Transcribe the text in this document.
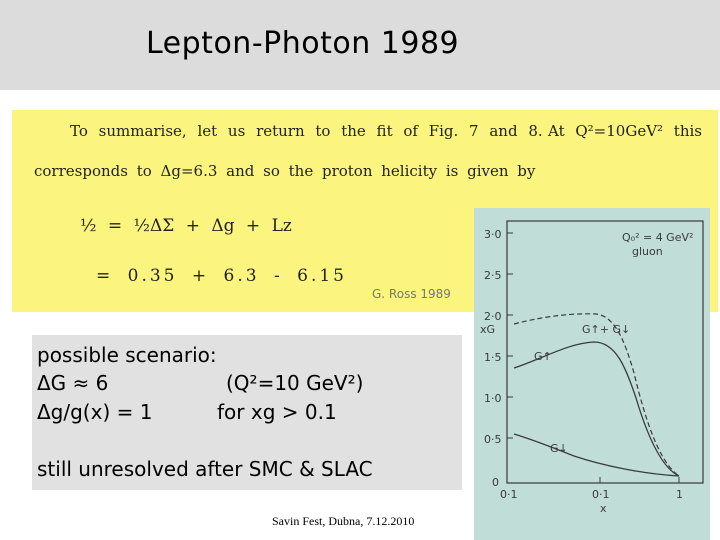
Lepton-Photon 1989
To summarise, let us return to the fit of Fig. 7 and 8. At Q²=10GeV² this
corresponds to Δg=6.3 and so the proton helicity is given by
½ = ½ΔΣ + Δg + Lz
= 0.35 + 6.3 - 6.15
G. Ross 1989
possible scenario:
ΔG ≈ 6	(Q²=10 GeV²)
Δg/g(x) = 1	for xg > 0.1
still unresolved after SMC & SLAC
Savin Fest, Dubna, 7.12.2010
3·0
2·5
2·0
1·5
1·0
0·5
0
xG
0·1	0·1	1
x
Q₀² = 4 GeV²
gluon
G↑+ G↓
G↑
G↓
